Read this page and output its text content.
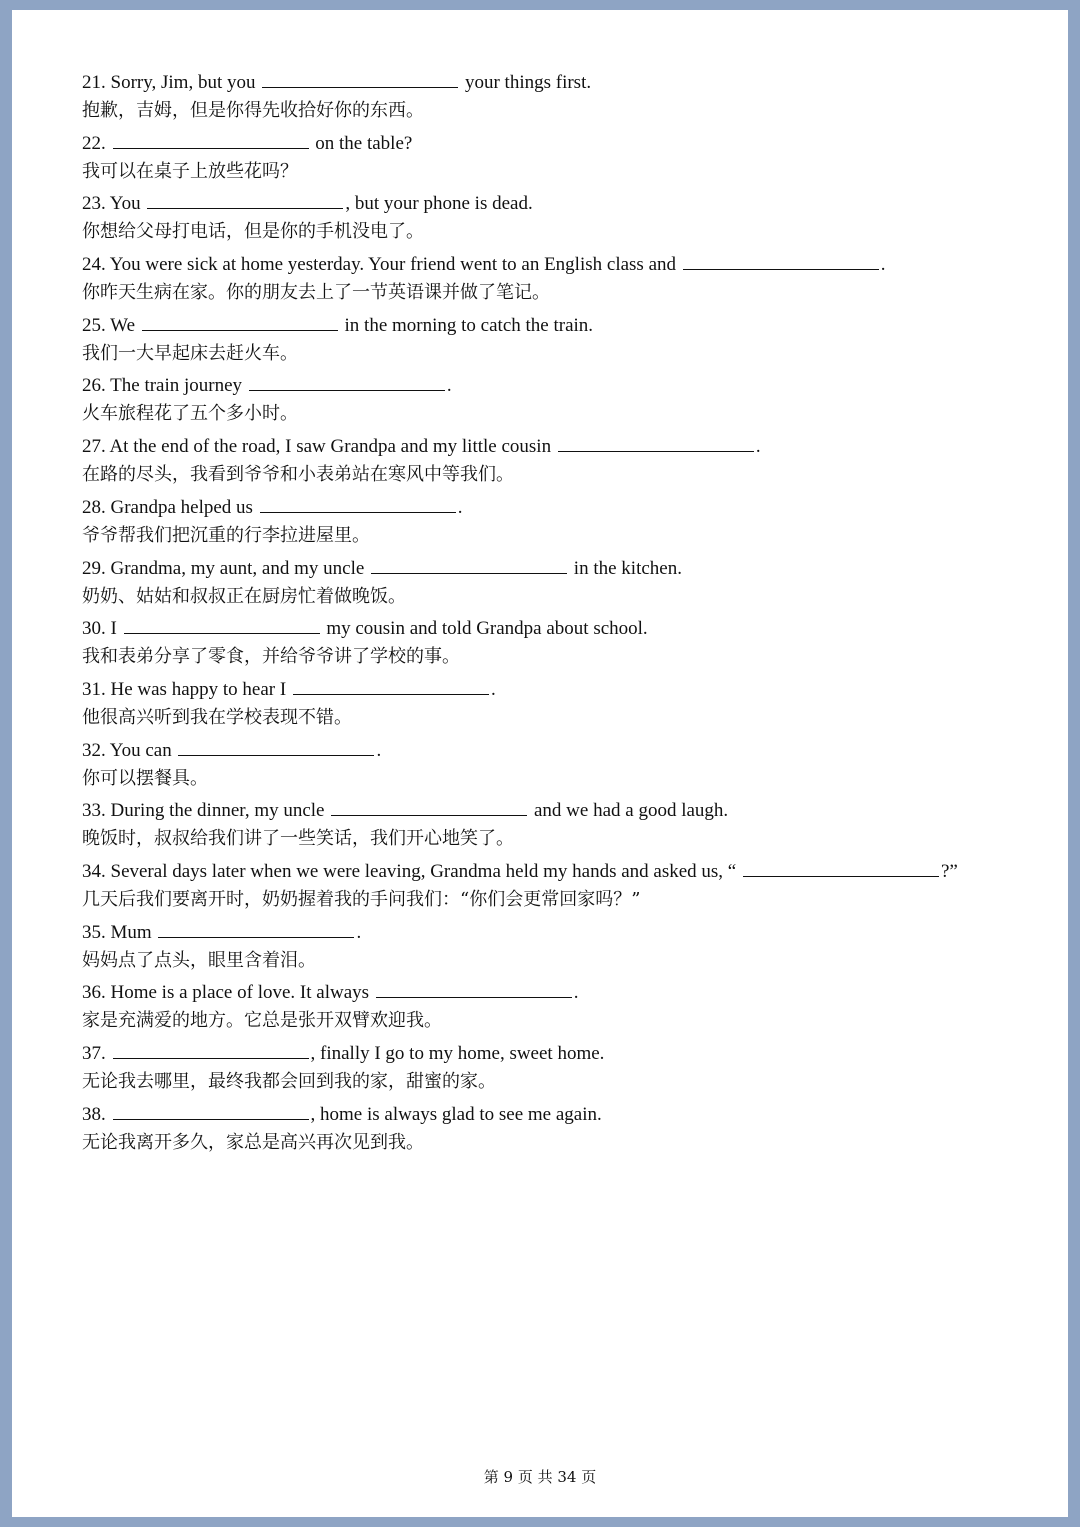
21. Sorry, Jim, but you	your things first.
抱歉，吉姆，但是你得先收拾好你的东西。
22.	on the table?
我可以在桌子上放些花吗？
23. You	, but your phone is dead.
你想给父母打电话，但是你的手机没电了。
24. You were sick at home yesterday. Your friend went to an English class and	.
你昨天生病在家。你的朋友去上了一节英语课并做了笔记。
25. We	in the morning to catch the train.
我们一大早起床去赶火车。
26. The train journey	.
火车旅程花了五个多小时。
27. At the end of the road, I saw Grandpa and my little cousin	.
在路的尽头，我看到爷爷和小表弟站在寒风中等我们。
28. Grandpa helped us	.
爷爷帮我们把沉重的行李拉进屋里。
29. Grandma, my aunt, and my uncle	in the kitchen.
奶奶、姑姑和叔叔正在厨房忙着做晚饭。
30. I	my cousin and told Grandpa about school.
我和表弟分享了零食，并给爷爷讲了学校的事。
31. He was happy to hear I	.
他很高兴听到我在学校表现不错。
32. You can	.
你可以摆餐具。
33. During the dinner, my uncle	and we had a good laugh.
晚饭时，叔叔给我们讲了一些笑话，我们开心地笑了。
34. Several days later when we were leaving, Grandma held my hands and asked us, “	?”
几天后我们要离开时，奶奶握着我的手问我们：“你们会更常回家吗？”
35. Mum	.
妈妈点了点头，眼里含着泪。
36. Home is a place of love. It always	.
家是充满爱的地方。它总是张开双臂欢迎我。
37.	, finally I go to my home, sweet home.
无论我去哪里，最终我都会回到我的家，甜蜜的家。
38.	, home is always glad to see me again.
无论我离开多久，家总是高兴再次见到我。
第 9 页 共 34 页
